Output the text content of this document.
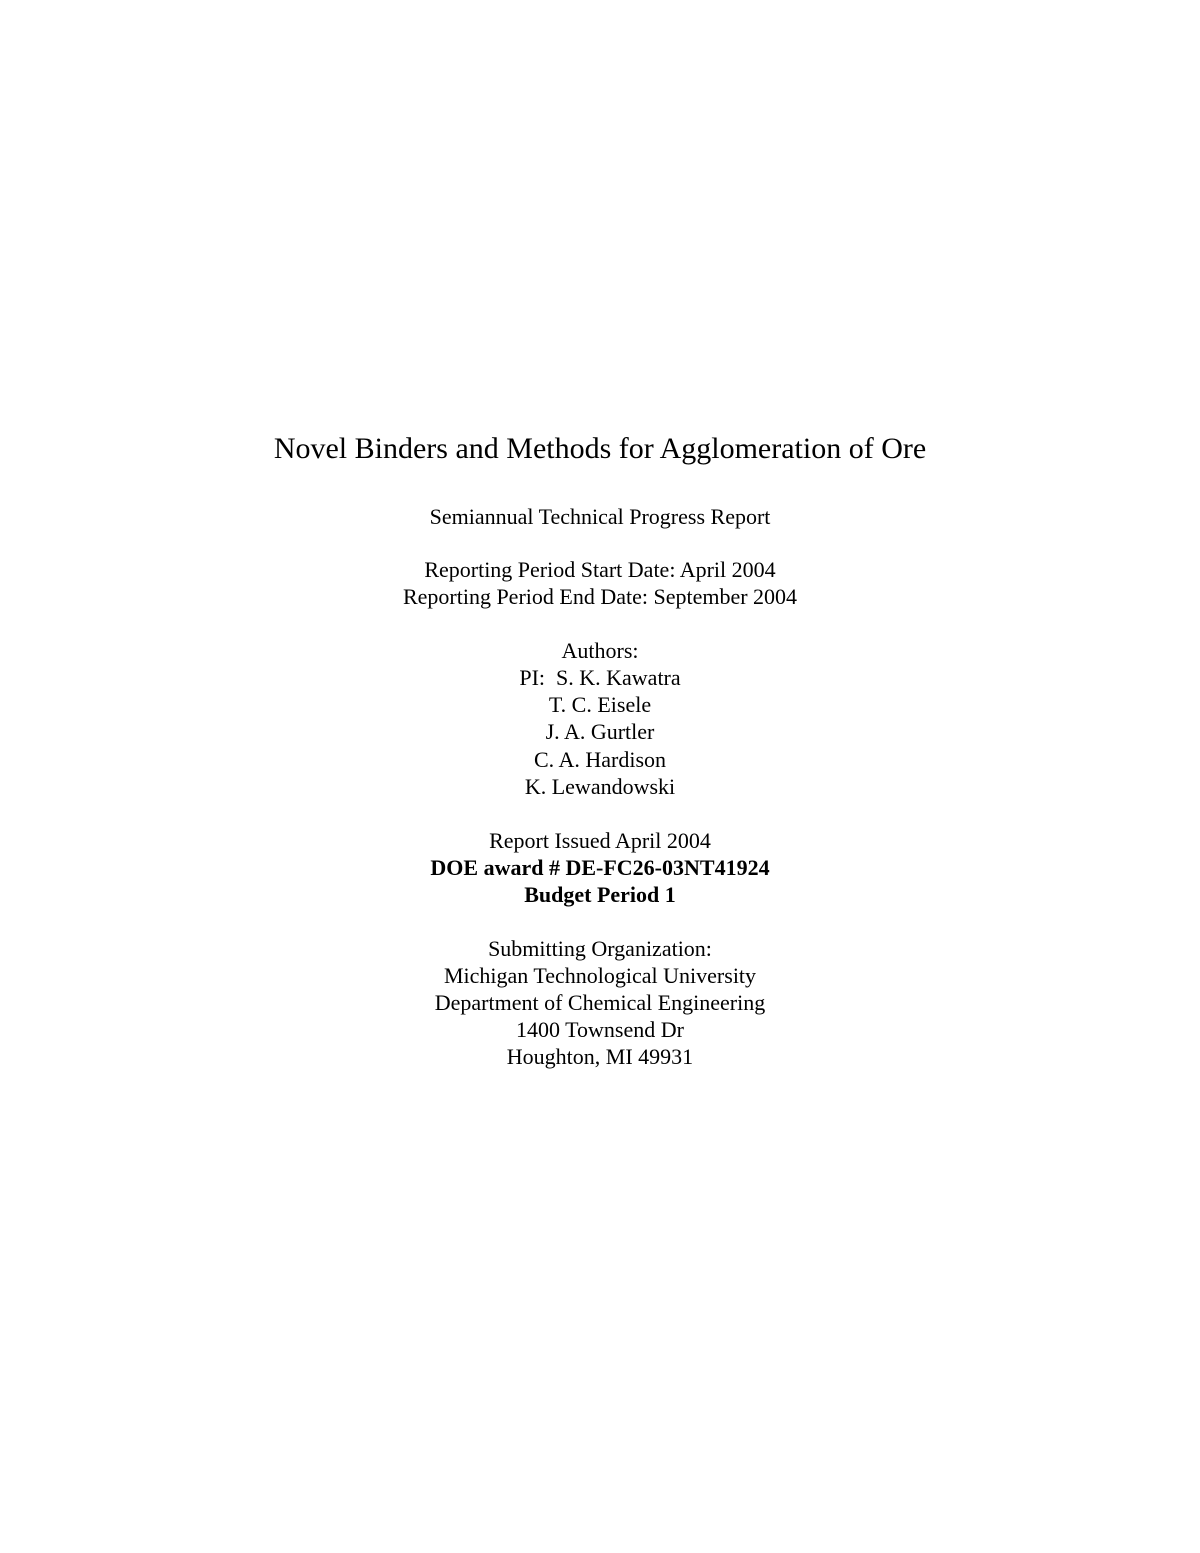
Novel Binders and Methods for Agglomeration of Ore
Semiannual Technical Progress Report
Reporting Period Start Date: April 2004
Reporting Period End Date: September 2004
Authors:
PI:  S. K. Kawatra
T. C. Eisele
J. A. Gurtler
C. A. Hardison
K. Lewandowski
Report Issued April 2004
DOE award # DE-FC26-03NT41924
Budget Period 1
Submitting Organization:
Michigan Technological University
Department of Chemical Engineering
1400 Townsend Dr
Houghton, MI 49931
